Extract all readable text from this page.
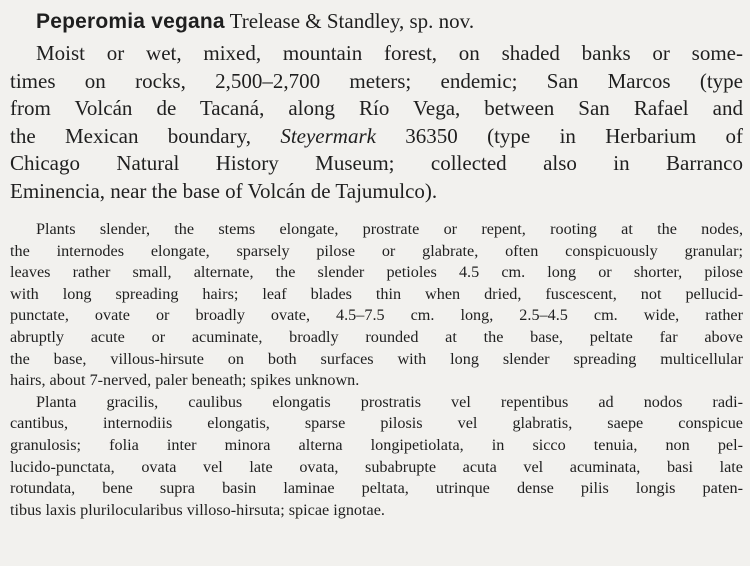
Peperomia vegana Trelease & Standley, sp. nov.
Moist or wet, mixed, mountain forest, on shaded banks or some-
times on rocks, 2,500–2,700 meters; endemic; San Marcos (type
from Volcán de Tacaná, along Río Vega, between San Rafael and
the Mexican boundary, Steyermark 36350 (type in Herbarium of
Chicago Natural History Museum; collected also in Barranco
Eminencia, near the base of Volcán de Tajumulco).
Plants slender, the stems elongate, prostrate or repent, rooting at the nodes,
the internodes elongate, sparsely pilose or glabrate, often conspicuously granular;
leaves rather small, alternate, the slender petioles 4.5 cm. long or shorter, pilose
with long spreading hairs; leaf blades thin when dried, fuscescent, not pellucid-
punctate, ovate or broadly ovate, 4.5–7.5 cm. long, 2.5–4.5 cm. wide, rather
abruptly acute or acuminate, broadly rounded at the base, peltate far above
the base, villous-hirsute on both surfaces with long slender spreading multicellular
hairs, about 7-nerved, paler beneath; spikes unknown.
Planta gracilis, caulibus elongatis prostratis vel repentibus ad nodos radi-
cantibus, internodiis elongatis, sparse pilosis vel glabratis, saepe conspicue
granulosis; folia inter minora alterna longipetiolata, in sicco tenuia, non pel-
lucido-punctata, ovata vel late ovata, subabrupte acuta vel acuminata, basi late
rotundata, bene supra basin laminae peltata, utrinque dense pilis longis paten-
tibus laxis plurilocularibus villoso-hirsuta; spicae ignotae.
